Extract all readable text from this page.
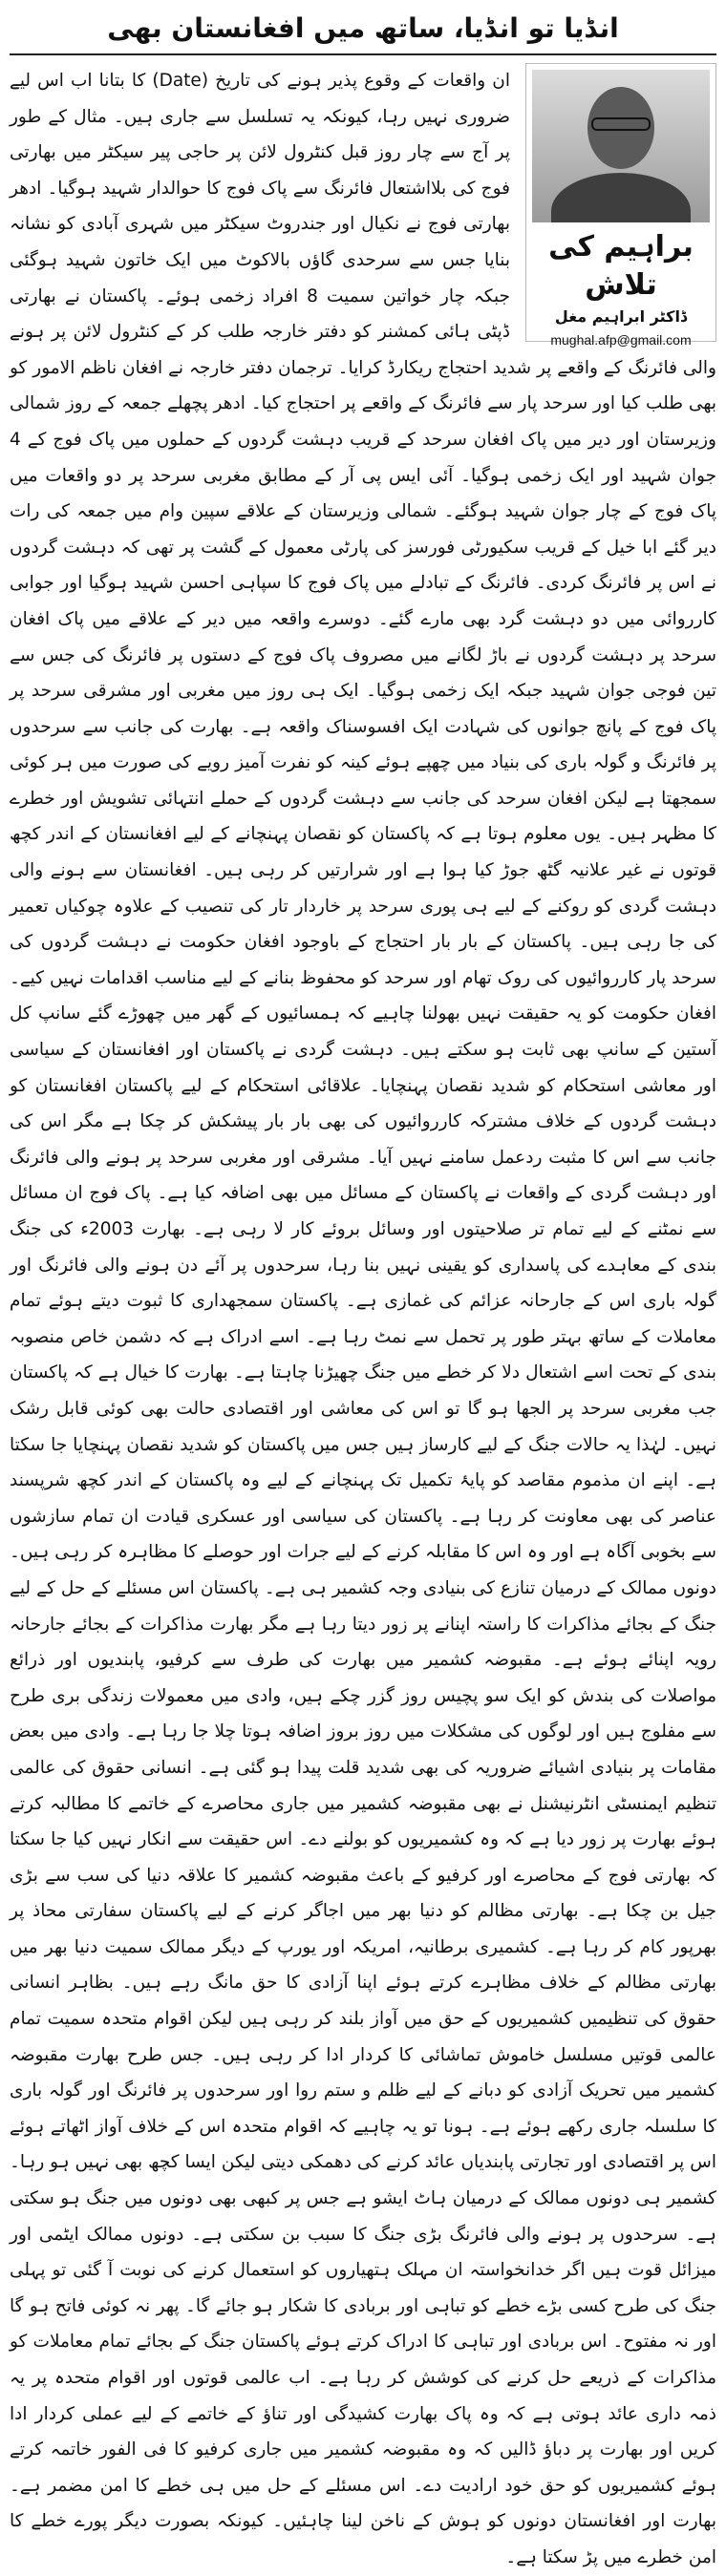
انڈیا تو انڈیا، ساتھ میں افغانستان بھی
براہیم کی تلاش
ڈاکٹر ابراہیم مغل
mughal.afp@gmail.com

ان واقعات کے وقوع پذیر ہونے کی تاریخ (Date) کا بتانا اب اس لیے ضروری نہیں رہا، کیونکہ یہ تسلسل سے جاری ہیں۔ مثال کے طور پر آج سے چار روز قبل کنٹرول لائن پر حاجی پیر سیکٹر میں بھارتی فوج کی بلااشتعال فائرنگ سے پاک فوج کا حوالدار شہید ہوگیا۔ ادھر بھارتی فوج نے نکیال اور جندروٹ سیکٹر میں شہری آبادی کو نشانہ بنایا جس سے سرحدی گاؤں بالاکوٹ میں ایک خاتون شہید ہوگئی جبکہ چار خواتین سمیت 8 افراد زخمی ہوئے۔ پاکستان نے بھارتی ڈپٹی ہائی کمشنر کو دفتر خارجہ طلب کر کے کنٹرول لائن پر ہونے والی فائرنگ کے واقعے پر شدید احتجاج ریکارڈ کرایا۔ ترجمان دفتر خارجہ نے افغان ناظم الامور کو بھی طلب کیا اور سرحد پار سے فائرنگ کے واقعے پر احتجاج کیا۔ ادھر پچھلے جمعہ کے روز شمالی وزیرستان اور دیر میں پاک افغان سرحد کے قریب دہشت گردوں کے حملوں میں پاک فوج کے 4 جوان شہید اور ایک زخمی ہوگیا۔ آئی ایس پی آر کے مطابق مغربی سرحد پر دو واقعات میں پاک فوج کے چار جوان شہید ہوگئے۔ شمالی وزیرستان کے علاقے سپین وام میں جمعہ کی رات دیر گئے ابا خیل کے قریب سکیورٹی فورسز کی پارٹی معمول کے گشت پر تھی کہ دہشت گردوں نے اس پر فائرنگ کردی۔ فائرنگ کے تبادلے میں پاک فوج کا سپاہی احسن شہید ہوگیا اور جوابی کارروائی میں دو دہشت گرد بھی مارے گئے۔ دوسرے واقعہ میں دیر کے علاقے میں پاک افغان سرحد پر دہشت گردوں نے باڑ لگانے میں مصروف پاک فوج کے دستوں پر فائرنگ کی جس سے تین فوجی جوان شہید جبکہ ایک زخمی ہوگیا۔ ایک ہی روز میں مغربی اور مشرقی سرحد پر پاک فوج کے پانچ جوانوں کی شہادت ایک افسوسناک واقعہ ہے۔ بھارت کی جانب سے سرحدوں پر فائرنگ و گولہ باری کی بنیاد میں چھپے ہوئے کینہ کو نفرت آمیز رویے کی صورت میں ہر کوئی سمجھتا ہے لیکن افغان سرحد کی جانب سے دہشت گردوں کے حملے انتہائی تشویش اور خطرے کا مظہر ہیں۔ یوں معلوم ہوتا ہے کہ پاکستان کو نقصان پہنچانے کے لیے افغانستان کے اندر کچھ قوتوں نے غیر علانیہ گٹھ جوڑ کیا ہوا ہے اور شرارتیں کر رہی ہیں۔ افغانستان سے ہونے والی دہشت گردی کو روکنے کے لیے ہی پوری سرحد پر خاردار تار کی تنصیب کے علاوہ چوکیاں تعمیر کی جا رہی ہیں۔ پاکستان کے بار بار احتجاج کے باوجود افغان حکومت نے دہشت گردوں کی سرحد پار کارروائیوں کی روک تھام اور سرحد کو محفوظ بنانے کے لیے مناسب اقدامات نہیں کیے۔ افغان حکومت کو یہ حقیقت نہیں بھولنا چاہیے کہ ہمسائیوں کے گھر میں چھوڑے گئے سانپ کل آستین کے سانپ بھی ثابت ہو سکتے ہیں۔ دہشت گردی نے پاکستان اور افغانستان کے سیاسی اور معاشی استحکام کو شدید نقصان پہنچایا۔ علاقائی استحکام کے لیے پاکستان افغانستان کو دہشت گردوں کے خلاف مشترکہ کارروائیوں کی بھی بار بار پیشکش کر چکا ہے مگر اس کی جانب سے اس کا مثبت ردعمل سامنے نہیں آیا۔ مشرقی اور مغربی سرحد پر ہونے والی فائرنگ اور دہشت گردی کے واقعات نے پاکستان کے مسائل میں بھی اضافہ کیا ہے۔ پاک فوج ان مسائل سے نمٹنے کے لیے تمام تر صلاحیتوں اور وسائل بروئے کار لا رہی ہے۔ بھارت 2003ء کی جنگ بندی کے معاہدے کی پاسداری کو یقینی نہیں بنا رہا، سرحدوں پر آئے دن ہونے والی فائرنگ اور گولہ باری اس کے جارحانہ عزائم کی غمازی ہے۔ پاکستان سمجھداری کا ثبوت دیتے ہوئے تمام معاملات کے ساتھ بہتر طور پر تحمل سے نمٹ رہا ہے۔ اسے ادراک ہے کہ دشمن خاص منصوبہ بندی کے تحت اسے اشتعال دلا کر خطے میں جنگ چھیڑنا چاہتا ہے۔ بھارت کا خیال ہے کہ پاکستان جب مغربی سرحد پر الجھا ہو گا تو اس کی معاشی اور اقتصادی حالت بھی کوئی قابل رشک نہیں۔ لہٰذا یہ حالات جنگ کے لیے کارساز ہیں جس میں پاکستان کو شدید نقصان پہنچایا جا سکتا ہے۔ اپنے ان مذموم مقاصد کو پایۂ تکمیل تک پہنچانے کے لیے وہ پاکستان کے اندر کچھ شرپسند عناصر کی بھی معاونت کر رہا ہے۔ پاکستان کی سیاسی اور عسکری قیادت ان تمام سازشوں سے بخوبی آگاہ ہے اور وہ اس کا مقابلہ کرنے کے لیے جرات اور حوصلے کا مظاہرہ کر رہی ہیں۔ دونوں ممالک کے درمیان تنازع کی بنیادی وجہ کشمیر ہی ہے۔ پاکستان اس مسئلے کے حل کے لیے جنگ کے بجائے مذاکرات کا راستہ اپنانے پر زور دیتا رہا ہے مگر بھارت مذاکرات کے بجائے جارحانہ رویہ اپنائے ہوئے ہے۔ مقبوضہ کشمیر میں بھارت کی طرف سے کرفیو، پابندیوں اور ذرائع مواصلات کی بندش کو ایک سو پچیس روز گزر چکے ہیں، وادی میں معمولات زندگی بری طرح سے مفلوج ہیں اور لوگوں کی مشکلات میں روز بروز اضافہ ہوتا چلا جا رہا ہے۔ وادی میں بعض مقامات پر بنیادی اشیائے ضروریہ کی بھی شدید قلت پیدا ہو گئی ہے۔ انسانی حقوق کی عالمی تنظیم ایمنسٹی انٹرنیشنل نے بھی مقبوضہ کشمیر میں جاری محاصرے کے خاتمے کا مطالبہ کرتے ہوئے بھارت پر زور دیا ہے کہ وہ کشمیریوں کو بولنے دے۔ اس حقیقت سے انکار نہیں کیا جا سکتا کہ بھارتی فوج کے محاصرے اور کرفیو کے باعث مقبوضہ کشمیر کا علاقہ دنیا کی سب سے بڑی جیل بن چکا ہے۔ بھارتی مظالم کو دنیا بھر میں اجاگر کرنے کے لیے پاکستان سفارتی محاذ پر بھرپور کام کر رہا ہے۔ کشمیری برطانیہ، امریکہ اور یورپ کے دیگر ممالک سمیت دنیا بھر میں بھارتی مظالم کے خلاف مظاہرے کرتے ہوئے اپنا آزادی کا حق مانگ رہے ہیں۔ بظاہر انسانی حقوق کی تنظیمیں کشمیریوں کے حق میں آواز بلند کر رہی ہیں لیکن اقوام متحدہ سمیت تمام عالمی قوتیں مسلسل خاموش تماشائی کا کردار ادا کر رہی ہیں۔ جس طرح بھارت مقبوضہ کشمیر میں تحریک آزادی کو دبانے کے لیے ظلم و ستم روا اور سرحدوں پر فائرنگ اور گولہ باری کا سلسلہ جاری رکھے ہوئے ہے۔ ہونا تو یہ چاہیے کہ اقوام متحدہ اس کے خلاف آواز اٹھاتے ہوئے اس پر اقتصادی اور تجارتی پابندیاں عائد کرنے کی دھمکی دیتی لیکن ایسا کچھ بھی نہیں ہو رہا۔ کشمیر ہی دونوں ممالک کے درمیان ہاٹ ایشو ہے جس پر کبھی بھی دونوں میں جنگ ہو سکتی ہے۔ سرحدوں پر ہونے والی فائرنگ بڑی جنگ کا سبب بن سکتی ہے۔ دونوں ممالک ایٹمی اور میزائل قوت ہیں اگر خدانخواستہ ان مہلک ہتھیاروں کو استعمال کرنے کی نوبت آ گئی تو پہلی جنگ کی طرح کسی بڑے خطے کو تباہی اور بربادی کا شکار ہو جائے گا۔ پھر نہ کوئی فاتح ہو گا اور نہ مفتوح۔ اس بربادی اور تباہی کا ادراک کرتے ہوئے پاکستان جنگ کے بجائے تمام معاملات کو مذاکرات کے ذریعے حل کرنے کی کوشش کر رہا ہے۔ اب عالمی قوتوں اور اقوام متحدہ پر یہ ذمہ داری عائد ہوتی ہے کہ وہ پاک بھارت کشیدگی اور تناؤ کے خاتمے کے لیے عملی کردار ادا کریں اور بھارت پر دباؤ ڈالیں کہ وہ مقبوضہ کشمیر میں جاری کرفیو کا فی الفور خاتمہ کرتے ہوئے کشمیریوں کو حق خود ارادیت دے۔ اس مسئلے کے حل میں ہی خطے کا امن مضمر ہے۔ بھارت اور افغانستان دونوں کو ہوش کے ناخن لینا چاہئیں۔ کیونکہ بصورت دیگر پورے خطے کا امن خطرے میں پڑ سکتا ہے۔
